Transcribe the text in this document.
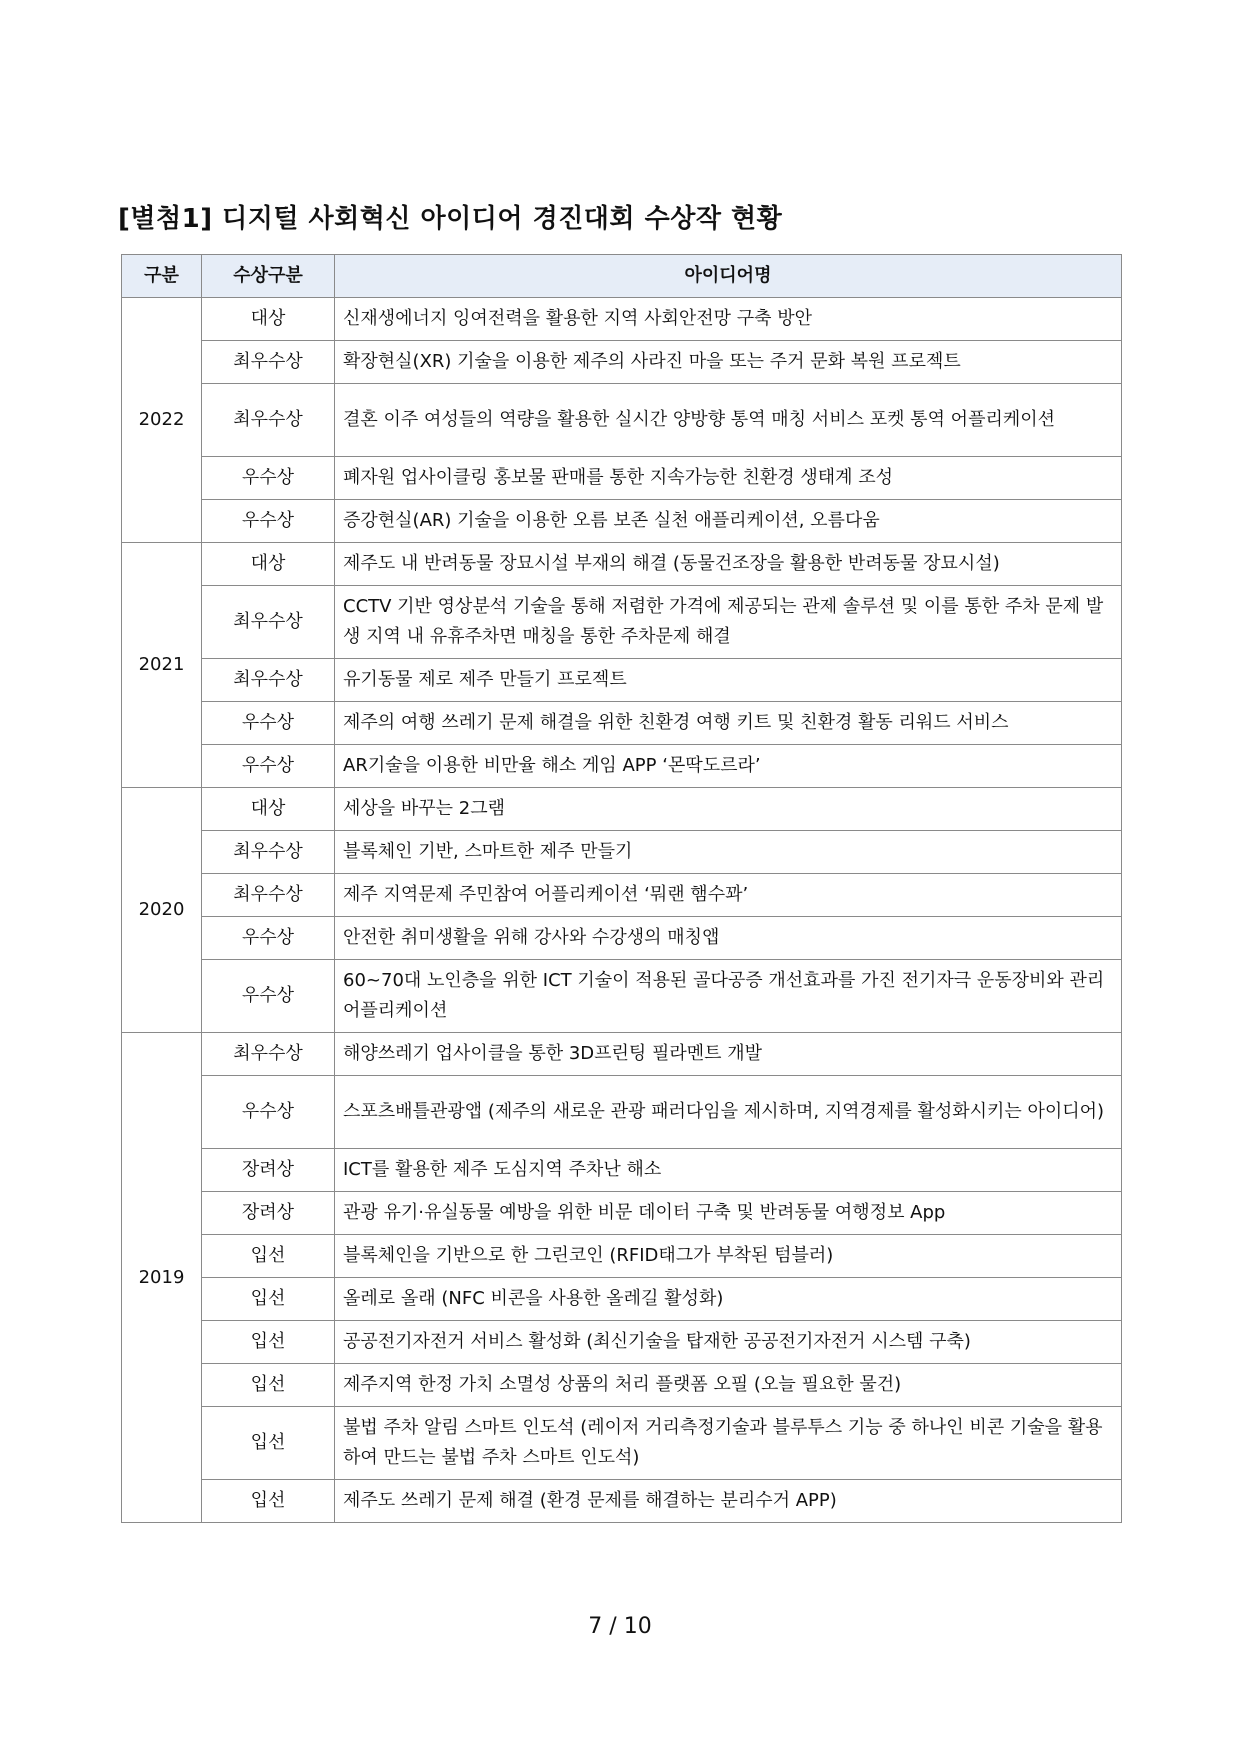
[별첨1] 디지털 사회혁신 아이디어 경진대회 수상작 현황
구분	수상구분	아이디어명
2022	대상	신재생에너지 잉여전력을 활용한 지역 사회안전망 구축 방안
	최우수상	확장현실(XR) 기술을 이용한 제주의 사라진 마을 또는 주거 문화 복원 프로젝트
	최우수상	결혼 이주 여성들의 역량을 활용한 실시간 양방향 통역 매칭 서비스 포켓 통역 어플리케이션
	우수상	폐자원 업사이클링 홍보물 판매를 통한 지속가능한 친환경 생태계 조성
	우수상	증강현실(AR) 기술을 이용한 오름 보존 실천 애플리케이션, 오름다움
2021	대상	제주도 내 반려동물 장묘시설 부재의 해결 (동물건조장을 활용한 반려동물 장묘시설)
	최우수상	CCTV 기반 영상분석 기술을 통해 저렴한 가격에 제공되는 관제 솔루션 및 이를 통한 주차 문제 발생 지역 내 유휴주차면 매칭을 통한 주차문제 해결
	최우수상	유기동물 제로 제주 만들기 프로젝트
	우수상	제주의 여행 쓰레기 문제 해결을 위한 친환경 여행 키트 및 친환경 활동 리워드 서비스
	우수상	AR기술을 이용한 비만율 해소 게임 APP ‘몬딱도르라’
2020	대상	세상을 바꾸는 2그램
	최우수상	블록체인 기반, 스마트한 제주 만들기
	최우수상	제주 지역문제 주민참여 어플리케이션 ‘뭐랜 햄수꽈’
	우수상	안전한 취미생활을 위해 강사와 수강생의 매칭앱
	우수상	60~70대 노인층을 위한 ICT 기술이 적용된 골다공증 개선효과를 가진 전기자극 운동장비와 관리 어플리케이션
2019	최우수상	해양쓰레기 업사이클을 통한 3D프린팅 필라멘트 개발
	우수상	스포츠배틀관광앱 (제주의 새로운 관광 패러다임을 제시하며, 지역경제를 활성화시키는 아이디어)
	장려상	ICT를 활용한 제주 도심지역 주차난 해소
	장려상	관광 유기·유실동물 예방을 위한 비문 데이터 구축 및 반려동물 여행정보 App
	입선	블록체인을 기반으로 한 그린코인 (RFID태그가 부착된 텀블러)
	입선	올레로 올래 (NFC 비콘을 사용한 올레길 활성화)
	입선	공공전기자전거 서비스 활성화 (최신기술을 탑재한 공공전기자전거 시스템 구축)
	입선	제주지역 한정 가치 소멸성 상품의 처리 플랫폼 오필 (오늘 필요한 물건)
	입선	불법 주차 알림 스마트 인도석 (레이저 거리측정기술과 블루투스 기능 중 하나인 비콘 기술을 활용하여 만드는 불법 주차 스마트 인도석)
	입선	제주도 쓰레기 문제 해결 (환경 문제를 해결하는 분리수거 APP)
7 / 10
